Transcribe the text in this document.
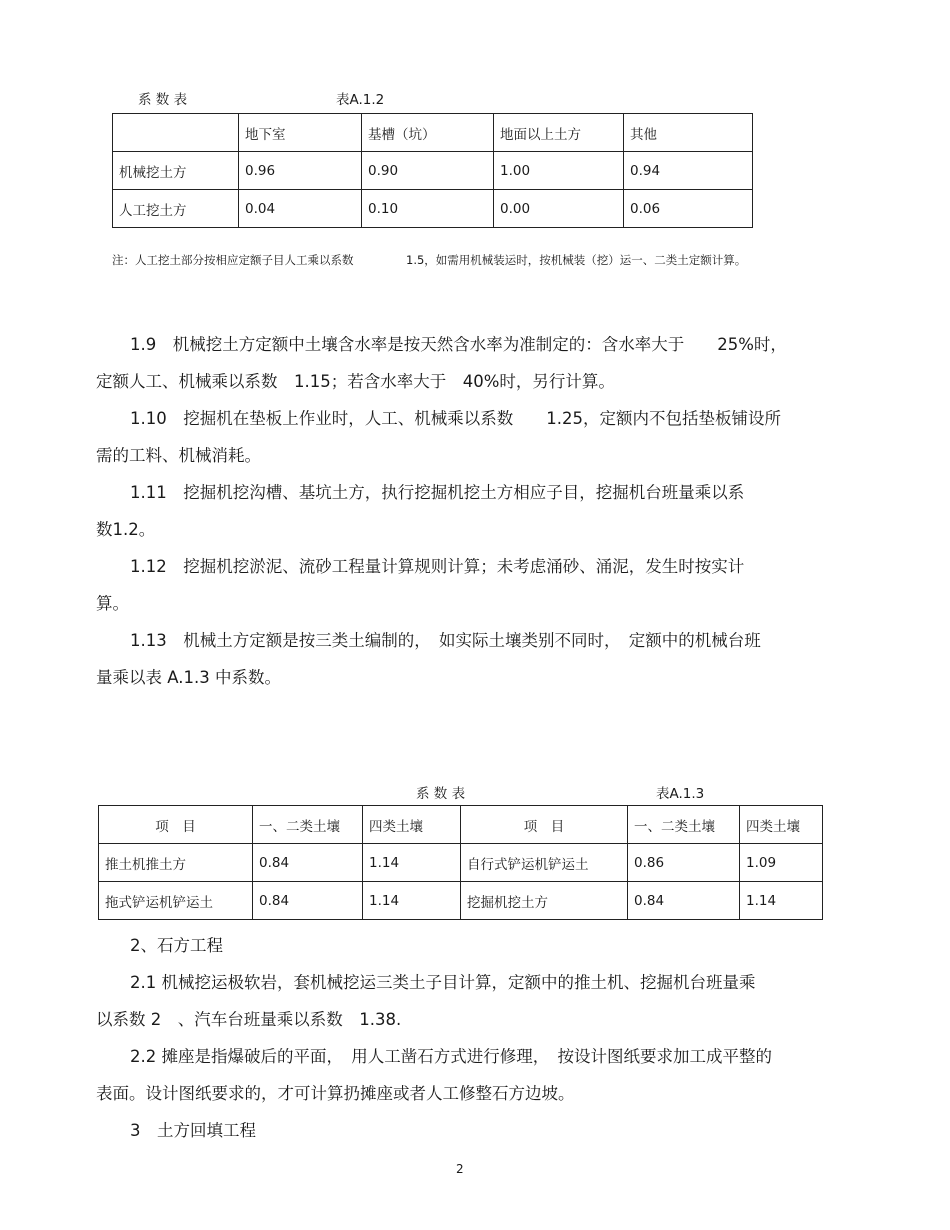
系 数 表	表A.1.2
	地下室	基槽（坑）	地面以上土方	其他
机械挖土方	0.96	0.90	1.00	0.94
人工挖土方	0.04	0.10	0.00	0.06
注：人工挖土部分按相应定额子目人工乘以系数	1.5，如需用机械装运时，按机械装（挖）运一、二类土定额计算。
1.9　机械挖土方定额中土壤含水率是按天然含水率为准制定的：含水率大于　　25%时，
定额人工、机械乘以系数　1.15；若含水率大于　40%时，另行计算。
1.10　挖掘机在垫板上作业时，人工、机械乘以系数　　1.25，定额内不包括垫板铺设所
需的工料、机械消耗。
1.11　挖掘机挖沟槽、基坑土方，执行挖掘机挖土方相应子目，挖掘机台班量乘以系
数1.2。
1.12　挖掘机挖淤泥、流砂工程量计算规则计算；未考虑涌砂、涌泥，发生时按实计
算。
1.13　机械土方定额是按三类土编制的，　如实际土壤类别不同时，　定额中的机械台班
量乘以表 A.1.3 中系数。
系 数 表	表A.1.3
项　目	一、二类土壤	四类土壤	项　目	一、二类土壤	四类土壤
推土机推土方	0.84	1.14	自行式铲运机铲运土	0.86	1.09
拖式铲运机铲运土	0.84	1.14	挖掘机挖土方	0.84	1.14
2、石方工程
2.1 机械挖运极软岩，套机械挖运三类土子目计算，定额中的推土机、挖掘机台班量乘
以系数 2　、汽车台班量乘以系数　1.38.
2.2 摊座是指爆破后的平面，　用人工凿石方式进行修理，　按设计图纸要求加工成平整的
表面。设计图纸要求的，才可计算扔摊座或者人工修整石方边坡。
3　土方回填工程
2
